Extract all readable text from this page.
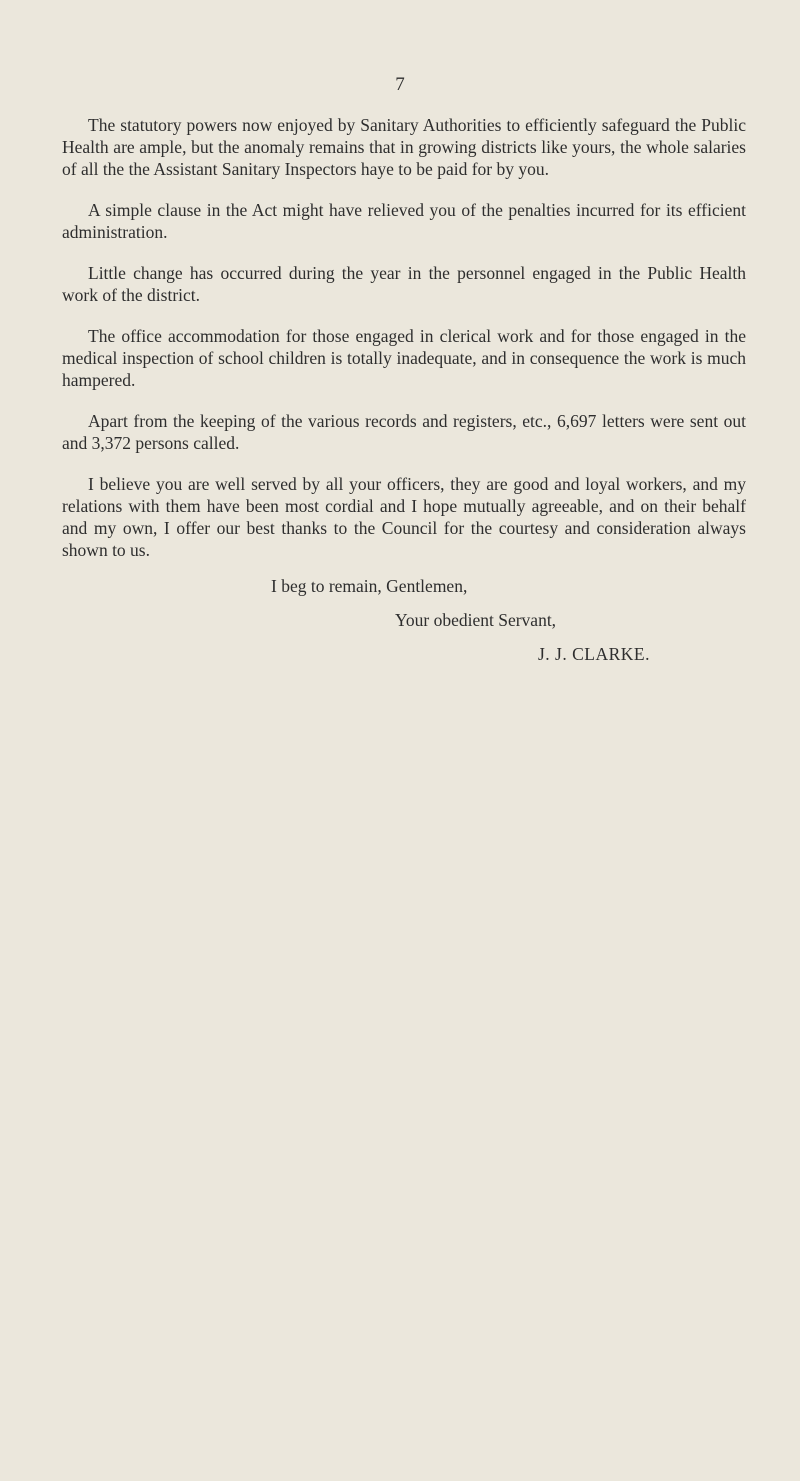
7

The statutory powers now enjoyed by Sanitary Authorities to efficiently safeguard the Public Health are ample, but the anomaly remains that in growing districts like yours, the whole salaries of all the the Assistant Sanitary Inspectors haye to be paid for by you.

A simple clause in the Act might have relieved you of the penalties incurred for its efficient administration.

Little change has occurred during the year in the personnel engaged in the Public Health work of the district.

The office accommodation for those engaged in clerical work and for those engaged in the medical inspection of school children is totally inadequate, and in consequence the work is much hampered.

Apart from the keeping of the various records and registers, etc., 6,697 letters were sent out and 3,372 persons called.

I believe you are well served by all your officers, they are good and loyal workers, and my relations with them have been most cordial and I hope mutually agreeable, and on their behalf and my own, I offer our best thanks to the Council for the courtesy and consideration always shown to us.

I beg to remain, Gentlemen,

Your obedient Servant,

J. J. CLARKE.
